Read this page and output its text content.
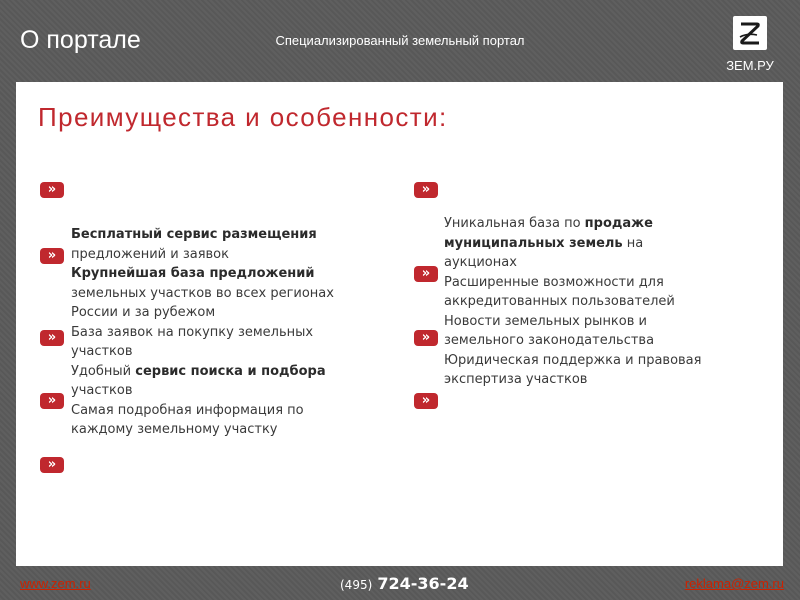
О портале	Специализированный земельный портал
ЗЕМ.РУ
Преимущества и особенности:
»
»
»
»
»
»
»
»
»
Бесплатный сервис размещения
предложений и заявок
Крупнейшая база предложений
земельных участков во всех регионах
России и за рубежом
База заявок на покупку земельных
участков
Удобный сервис поиска и подбора
участков
Самая подробная информация по
каждому земельному участку
Уникальная база по продаже
муниципальных земель на
аукционах
Расширенные возможности для
аккредитованных пользователей
Новости земельных рынков и
земельного законодательства
Юридическая поддержка и правовая
экспертиза участков
www.zem.ru	(495) 724-36-24	reklama@zem.ru
